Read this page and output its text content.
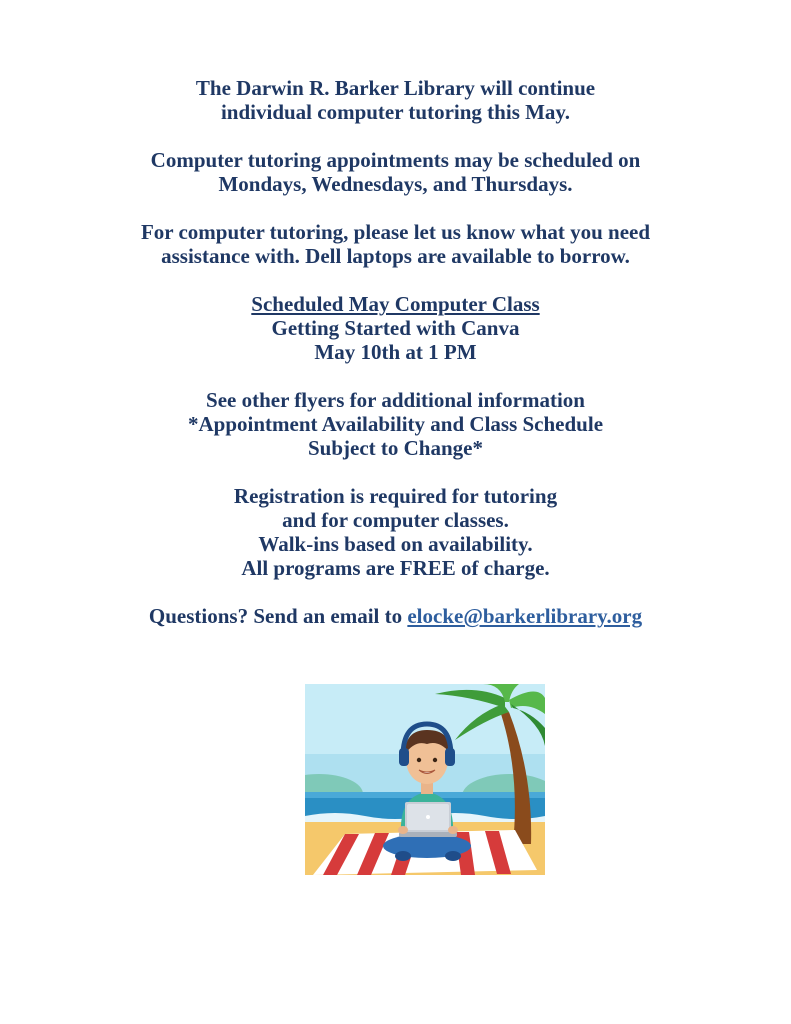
The Darwin R. Barker Library will continue
individual computer tutoring this May.
Computer tutoring appointments may be scheduled on
Mondays, Wednesdays, and Thursdays.
For computer tutoring, please let us know what you need
assistance with. Dell laptops are available to borrow.
Scheduled May Computer Class
Getting Started with Canva
May 10th at 1 PM
See other flyers for additional information
*Appointment Availability and Class Schedule
Subject to Change*
Registration is required for tutoring
and for computer classes.
Walk-ins based on availability.
All programs are FREE of charge.
Questions? Send an email to elocke@barkerlibrary.org
